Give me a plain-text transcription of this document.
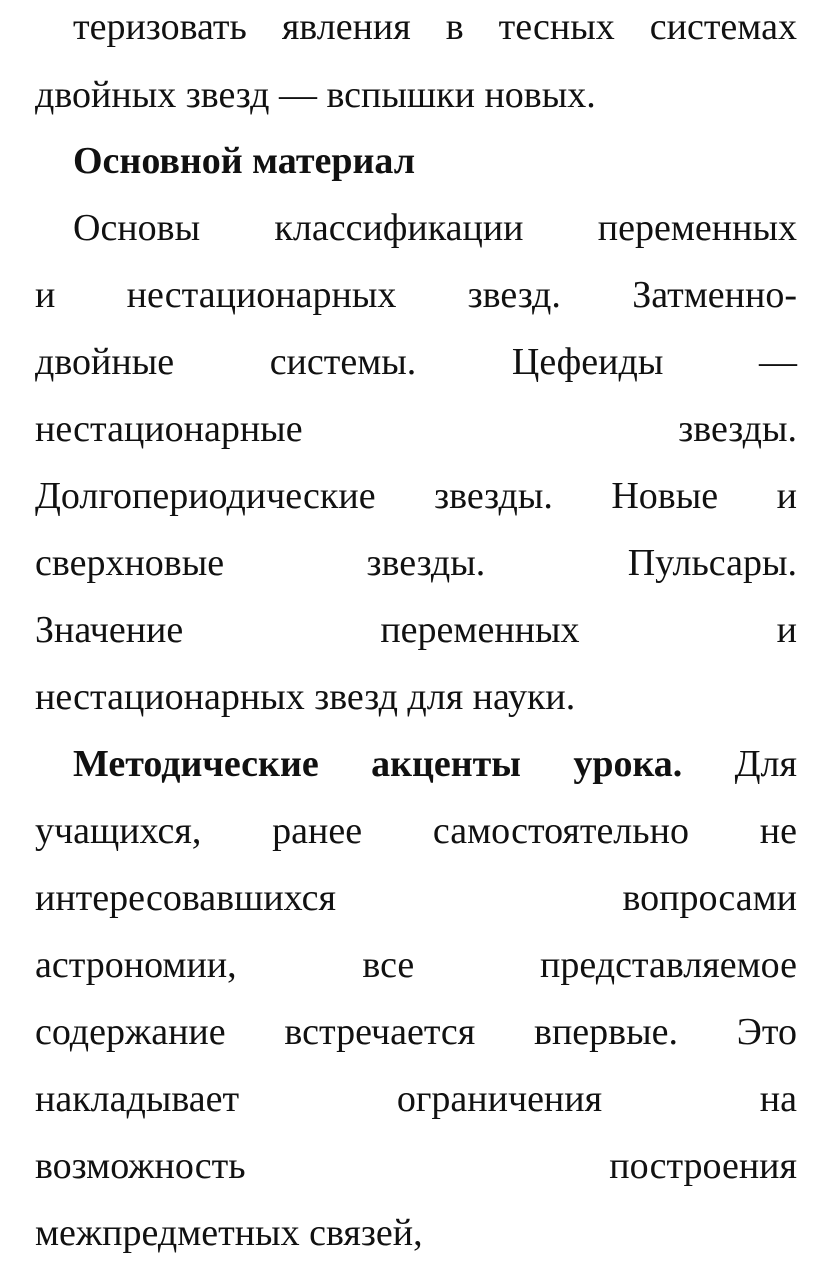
теризовать явления в тесных системах
двойных звезд — вспышки новых.
Основной материал
Основы классификации переменных
и нестационарных звезд. Затменно-
двойные	системы.	Цефеиды	—
нестационарные	звезды.
Долгопериодические звезды. Новые и
сверхновые	звезды.	Пульсары.
Значение	переменных	и
нестационарных звезд для науки.
Методические акценты урока. Для
учащихся, ранее самостоятельно не
интересовавшихся	вопросами
астрономии,	все	представляемое
содержание встречается впервые. Это
накладывает	ограничения	на
возможность	построения
межпредметных связей,
